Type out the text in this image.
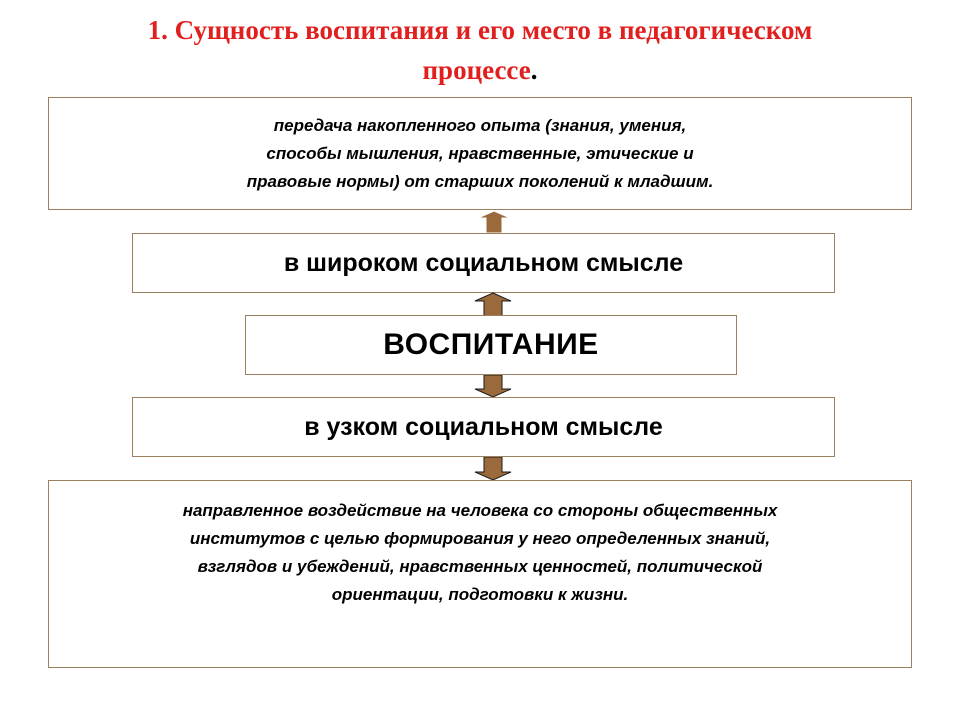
1. Сущность воспитания и его место в педагогическом
процессе.
передача накопленного опыта (знания, умения,
способы мышления, нравственные, этические и
правовые нормы) от старших поколений к младшим.
в широком социальном смысле
ВОСПИТАНИЕ
в узком социальном смысле
направленное воздействие на человека со стороны общественных
институтов с целью формирования у него определенных знаний,
взглядов и убеждений, нравственных ценностей, политической
ориентации, подготовки к жизни.
